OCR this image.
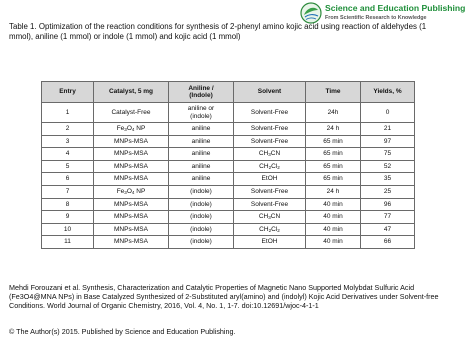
Science and Education Publishing
From Scientific Research to Knowledge
Table 1. Optimization of the reaction conditions for synthesis of 2-phenyl amino kojic acid using reaction of aldehydes (1 mmol), aniline (1 mmol) or indole (1 mmol) and kojic acid (1 mmol)
Entry	Catalyst, 5 mg	Aniline /
(Indole)	Solvent	Time	Yields, %
1	Catalyst-Free	aniline or
(indole)	Solvent-Free	24h	0
2	$Fe_3O_4$ NP	aniline	Solvent-Free	24 h	21
3	MNPs-MSA	aniline	Solvent-Free	65 min	97
4	MNPs-MSA	aniline	$CH_3CN$	65 min	75
5	MNPs-MSA	aniline	$CH_2Cl_2$	65 min	52
6	MNPs-MSA	aniline	EtOH	65 min	35
7	$Fe_3O_4$ NP	(indole)	Solvent-Free	24 h	25
8	MNPs-MSA	(indole)	Solvent-Free	40 min	96
9	MNPs-MSA	(indole)	$CH_3CN$	40 min	77
10	MNPs-MSA	(indole)	$CH_2Cl_2$	40 min	47
11	MNPs-MSA	(indole)	EtOH	40 min	66
Mehdi Forouzani et al. Synthesis, Characterization and Catalytic Properties of Magnetic Nano Supported Molybdat Sulfuric Acid (Fe3O4@MNA NPs) in Base Catalyzed Synthesized of 2-Substituted aryl(amino) and (indolyl) Kojic Acid Derivatives under Solvent-free Conditions. World Journal of Organic Chemistry, 2016, Vol. 4, No. 1, 1-7. doi:10.12691/wjoc-4-1-1
© The Author(s) 2015. Published by Science and Education Publishing.
